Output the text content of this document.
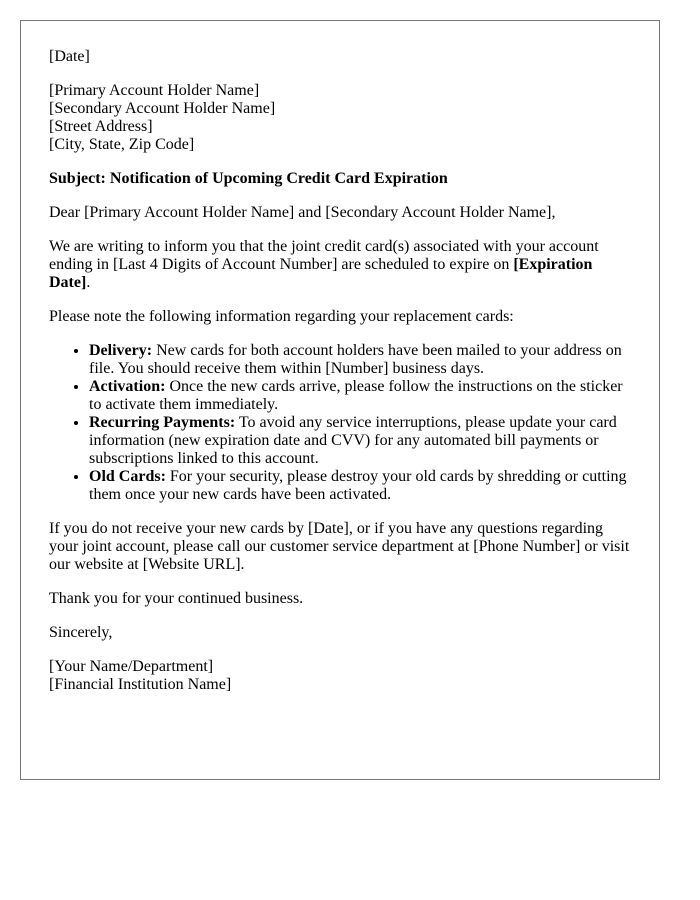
[Date]

[Primary Account Holder Name]
[Secondary Account Holder Name]
[Street Address]
[City, State, Zip Code]

Subject: Notification of Upcoming Credit Card Expiration

Dear [Primary Account Holder Name] and [Secondary Account Holder Name],

We are writing to inform you that the joint credit card(s) associated with your account ending in [Last 4 Digits of Account Number] are scheduled to expire on [Expiration Date].

Please note the following information regarding your replacement cards:

• Delivery: New cards for both account holders have been mailed to your address on file. You should receive them within [Number] business days.
• Activation: Once the new cards arrive, please follow the instructions on the sticker to activate them immediately.
• Recurring Payments: To avoid any service interruptions, please update your card information (new expiration date and CVV) for any automated bill payments or subscriptions linked to this account.
• Old Cards: For your security, please destroy your old cards by shredding or cutting them once your new cards have been activated.

If you do not receive your new cards by [Date], or if you have any questions regarding your joint account, please call our customer service department at [Phone Number] or visit our website at [Website URL].

Thank you for your continued business.

Sincerely,

[Your Name/Department]
[Financial Institution Name]
